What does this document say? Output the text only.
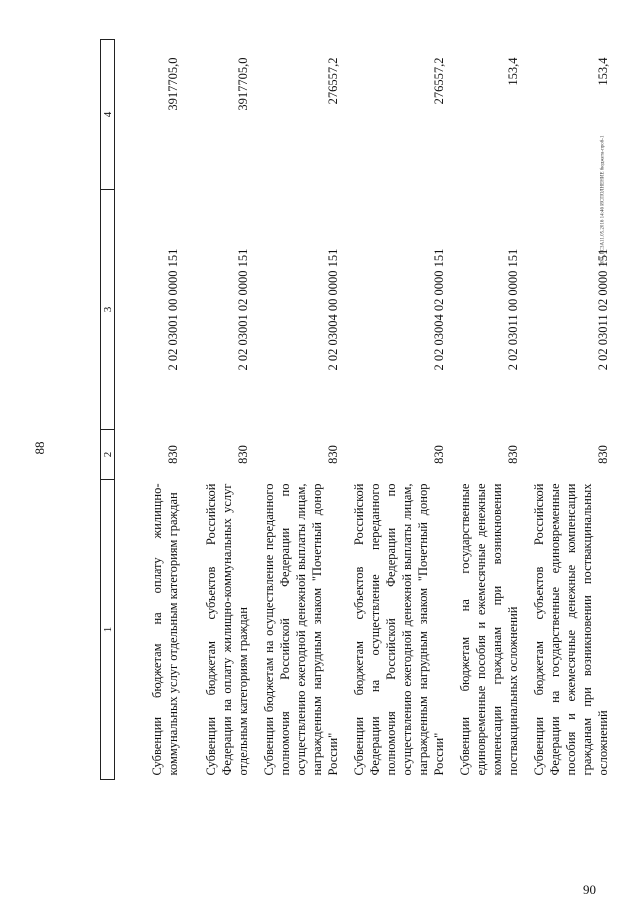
88
20.3_ГС3А11.05.2016 14:46 ИСПОЛНЕНИЕ бюджета-проб-1
1	2	3	4
Субвенции бюджетам на оплату жилищно-коммунальных услуг отдельным категориям граждан	830	2 02 03001 00 0000 151	3917705,0
Субвенции бюджетам субъектов Российской Федерации на оплату жилищно-коммунальных услуг отдельным категориям граждан	830	2 02 03001 02 0000 151	3917705,0
Субвенции бюджетам на осуществление переданного полномочия Российской Федерации по осуществлению ежегодной денежной выплаты лицам, награжденным нагрудным знаком "Почетный донор России"	830	2 02 03004 00 0000 151	276557,2
Субвенции бюджетам субъектов Российской Федерации на осуществление переданного полномочия Российской Федерации по осуществлению ежегодной денежной выплаты лицам, награжденным нагрудным знаком "Почетный донор России"	830	2 02 03004 02 0000 151	276557,2
Субвенции бюджетам на государственные единовременные пособия и ежемесячные денежные компенсации гражданам при возникновении поствакцинальных осложнений	830	2 02 03011 00 0000 151	153,4
Субвенции бюджетам субъектов Российской Федерации на государственные единовременные пособия и ежемесячные денежные компенсации гражданам при возникновении поствакцинальных осложнений	830	2 02 03011 02 0000 151	153,4
90
